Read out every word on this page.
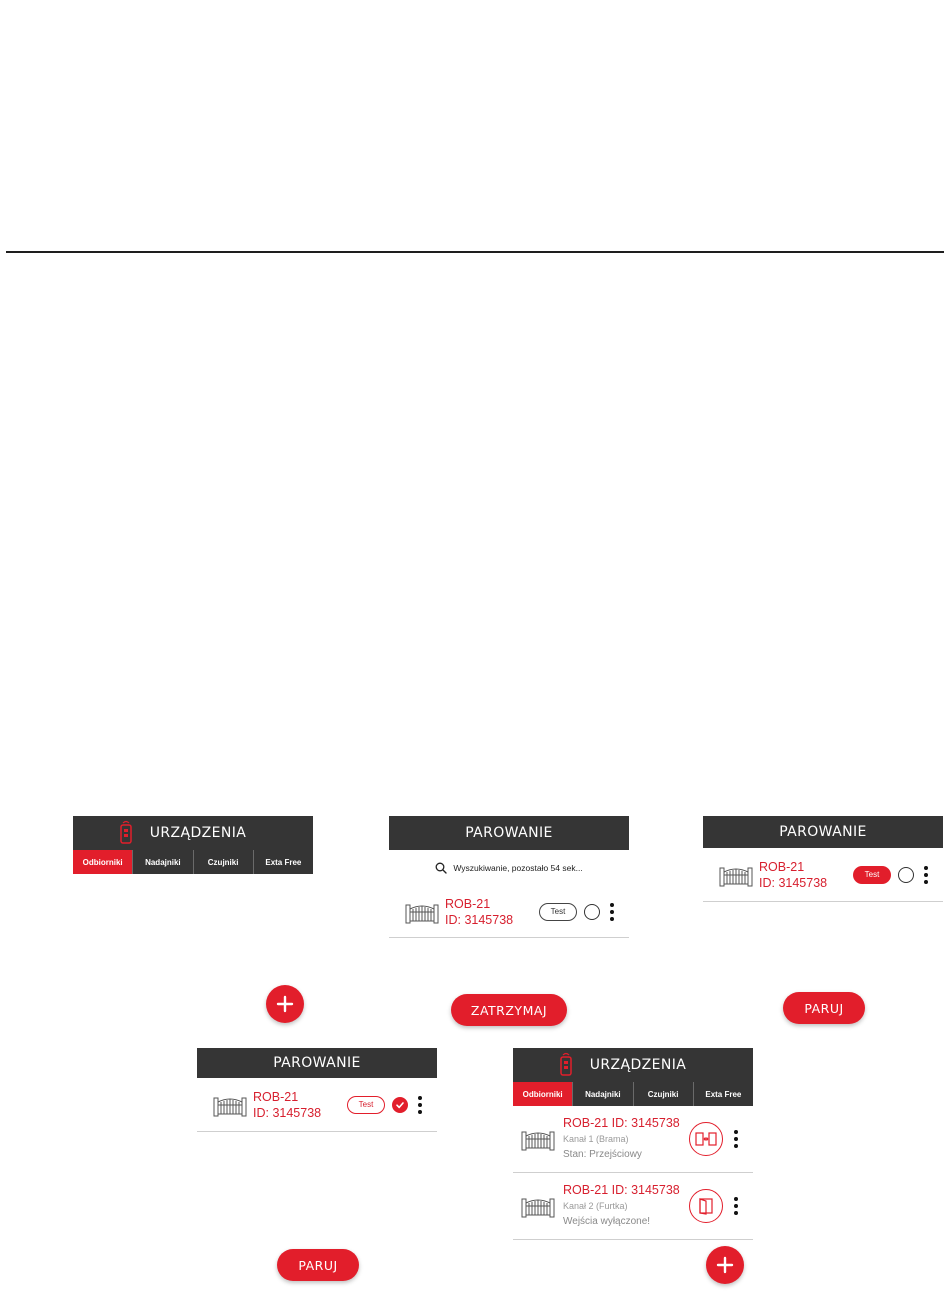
URZĄDZENIA
Odbiorniki	Nadajniki	Czujniki	Exta Free
PAROWANIE
Wyszukiwanie, pozostało 54 sek...
ROB-21
ID: 3145738
Test
ZATRZYMAJ
PAROWANIE
ROB-21
ID: 3145738
Test
PARUJ
PAROWANIE
ROB-21
ID: 3145738
Test
PARUJ
URZĄDZENIA
Odbiorniki	Nadajniki	Czujniki	Exta Free
ROB-21 ID: 3145738
Kanał 1 (Brama)
Stan: Przejściowy
ROB-21 ID: 3145738
Kanał 2 (Furtka)
Wejścia wyłączone!
